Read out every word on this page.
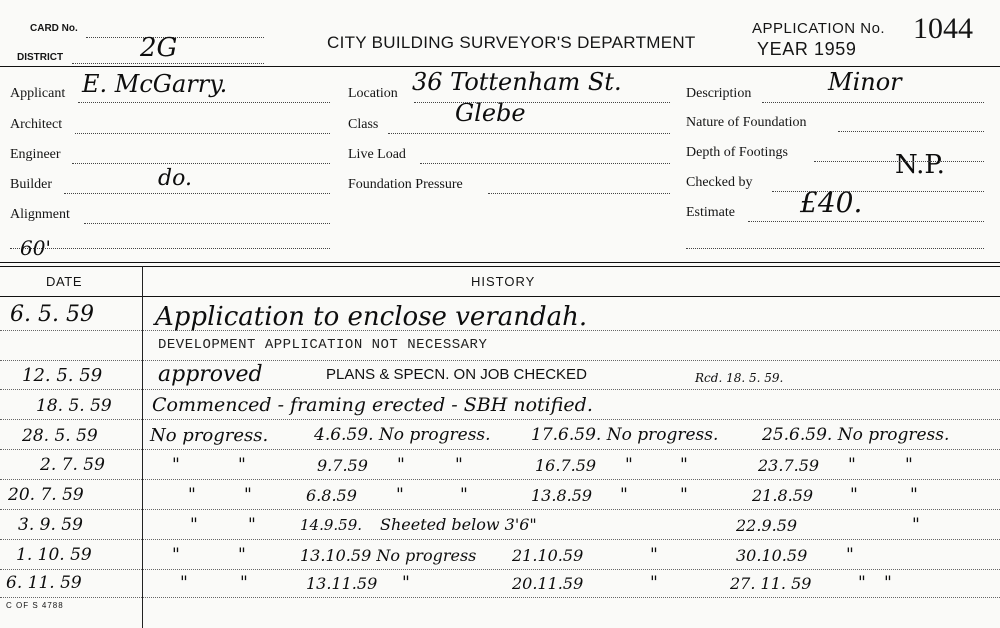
CARD No.
DISTRICT	2G	CITY BUILDING SURVEYOR'S DEPARTMENT
APPLICATION No. 1044
YEAR 1959
Applicant E. McGarry.
Architect
Engineer
Builder	do.
Alignment
60'
Location 36 Tottenham St.
Class	Glebe
Live Load
Foundation Pressure
Description	Minor
Nature of Foundation
Depth of Footings	N.P.
Checked by
Estimate £40.
DATE	HISTORY
6. 5. 59 Application to enclose verandah.
DEVELOPMENT APPLICATION NOT NECESSARY
12. 5. 59	approved	PLANS & SPECN. ON JOB CHECKED	Rcd. 18. 5. 59.
18. 5. 59 Commenced - framing erected - SBH notified.
28. 5. 59	No progress.	4.6.59. No progress. 17.6.59. No progress.	25.6.59. No progress.
2. 7. 59	"	"	9.7.59 "	"	16.7.59 "	"	23.7.59 "	"
20. 7. 59	"	"	6.8.59 "	"	13.8.59 "	"	21.8.59 "	"
3. 9. 59	"	"	14.9.59. Sheeted below 3'6"	22.9.59	"
1. 10. 59	"	"	13.10.59 No progress 21.10.59	"	30.10.59 "
6. 11. 59	"	"	13.11.59 "	20.11.59	"	27. 11. 59	" "
C OF S 4788
